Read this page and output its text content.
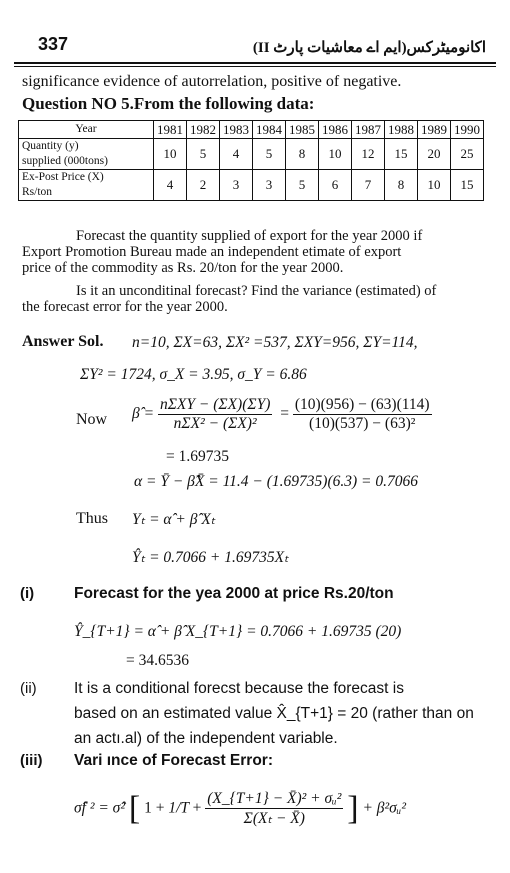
337	اکانومیٹرکس(ایم اے معاشیات پارٹ II)
significance evidence of autorrelation, positive of negative.
Question NO 5.From the following data:
Year	1981	1982	1983	1984	1985	1986	1987	1988	1989	1990
Quantity (y)
supplied (000tons)	10	5	4	5	8	10	12	15	20	25
Ex-Post Price (X)
Rs/ton	4	2	3	3	5	6	7	8	10	15
Forecast the quantity supplied of export for the year 2000 if
Export Promotion Bureau made an independent etimate of export
price of the commodity as Rs. 20/ton for the year 2000.
Is it an unconditinal forecast? Find the variance (estimated) of
the forecast error for the year 2000.
Answer Sol. n=10, ΣX=63, ΣX² =537, ΣXY=956, ΣY=114,
ΣY² = 1724, σ_X = 3.95, σ_Y = 6.86
Now β̂ = $\frac{\text{nΣXY − (ΣX)(ΣY)}}{\text{nΣX² − (ΣX)²}} = \frac{(10)(956) - (63)(114)}{\text{(10)(537) − (63)²}}$
= 1.69735
α = Ȳ − β̂X̄ = 11.4 − (1.69735)(6.3) = 0.7066
Thus Yₜ = α̂ + β̂ Xₜ
Ŷₜ = 0.7066 + 1.69735Xₜ
(i)	Forecast for the yea 2000 at price Rs.20/ton
Ŷ_{T+1} = α̂ + β̂ X_{T+1} = 0.7066 + 1.69735 (20)
= 34.6536
(ii) It is a conditional forecst because the forecast is
based on an estimated value X̂_{T+1} = 20 (rather than on
an actı.al) of the independent variable.
(iii) Vari ınce of Forecast Error:
σ̂f ² = σ̂² [ $1 + 1/T + \frac{\text{(X\_\{T+1\} − X̄)² + σᵤ²}}{\text{Σ(Xₜ − X̄)}}$ ] + β²σᵤ²
